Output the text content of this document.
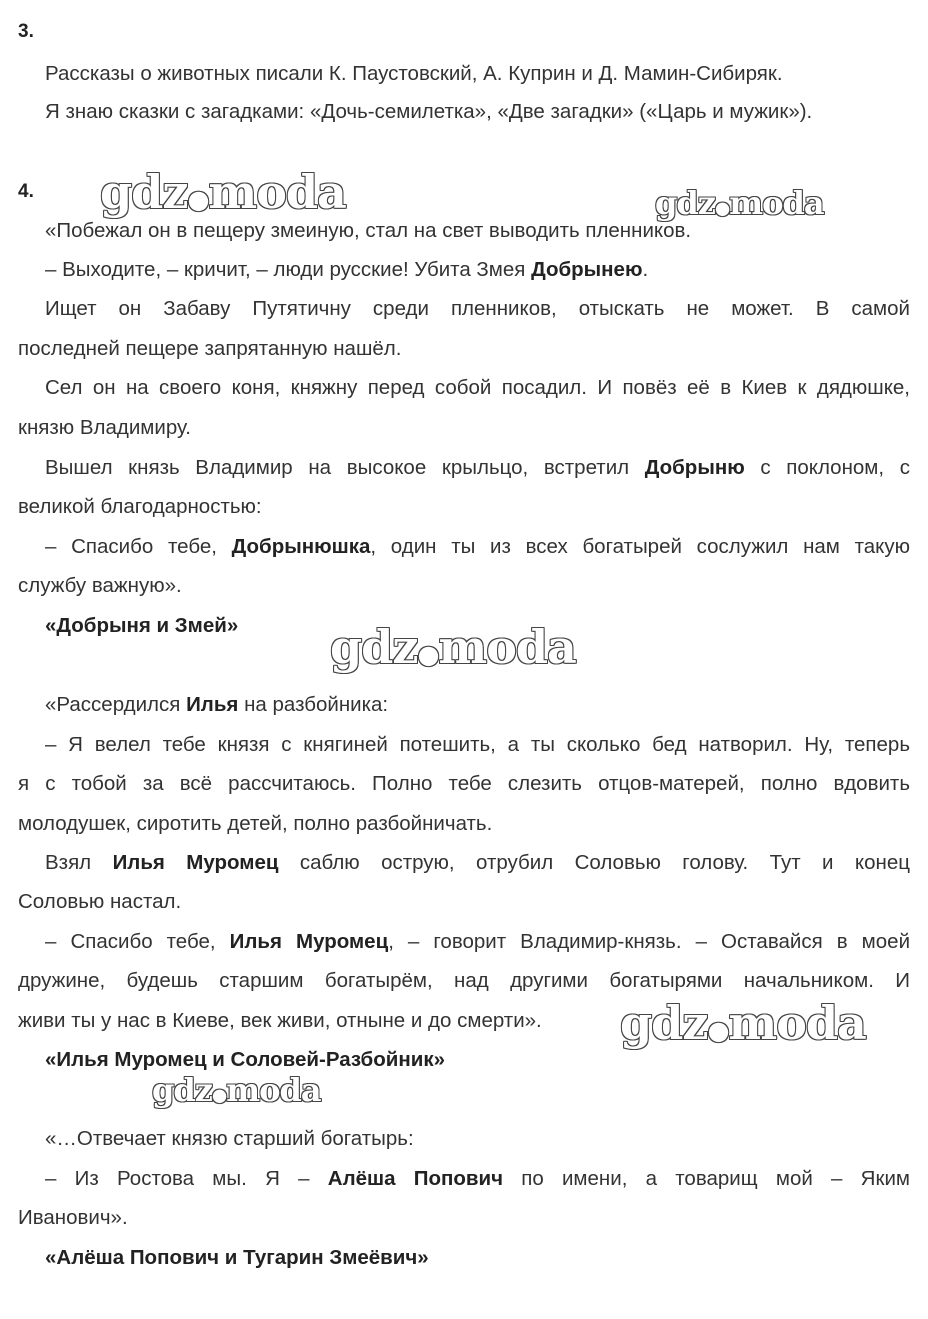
3.
Рассказы о животных писали К. Паустовский, А. Куприн и Д. Мамин-Сибиряк.
Я знаю сказки с загадками: «Дочь-семилетка», «Две загадки» («Царь и мужик»).
4.
«Побежал он в пещеру змеиную, стал на свет выводить пленников.
– Выходите, – кричит, – люди русские! Убита Змея Добрынею.
Ищет он Забаву Путятичну среди пленников, отыскать не может. В самой
последней пещере запрятанную нашёл.
Сел он на своего коня, княжну перед собой посадил. И повёз её в Киев к дядюшке,
князю Владимиру.
Вышел князь Владимир на высокое крыльцо, встретил Добрыню с поклоном, с
великой благодарностью:
– Спасибо тебе, Добрынюшка, один ты из всех богатырей сослужил нам такую
службу важную».
«Добрыня и Змей»
«Рассердился Илья на разбойника:
– Я велел тебе князя с княгиней потешить, а ты сколько бед натворил. Ну, теперь
я с тобой за всё рассчитаюсь. Полно тебе слезить отцов-матерей, полно вдовить
молодушек, сиротить детей, полно разбойничать.
Взял Илья Муромец саблю острую, отрубил Соловью голову. Тут и конец
Соловью настал.
– Спасибо тебе, Илья Муромец, – говорит Владимир-князь. – Оставайся в моей
дружине, будешь старшим богатырём, над другими богатырями начальником. И
живи ты у нас в Киеве, век живи, отныне и до смерти».
«Илья Муромец и Соловей-Разбойник»
«…Отвечает князю старший богатырь:
– Из Ростова мы. Я – Алёша Попович по имени, а товарищ мой – Яким
Иванович».
«Алёша Попович и Тугарин Змеёвич»
gdz●moda	gdz●moda
gdz●moda
gdz●moda
gdz●moda
